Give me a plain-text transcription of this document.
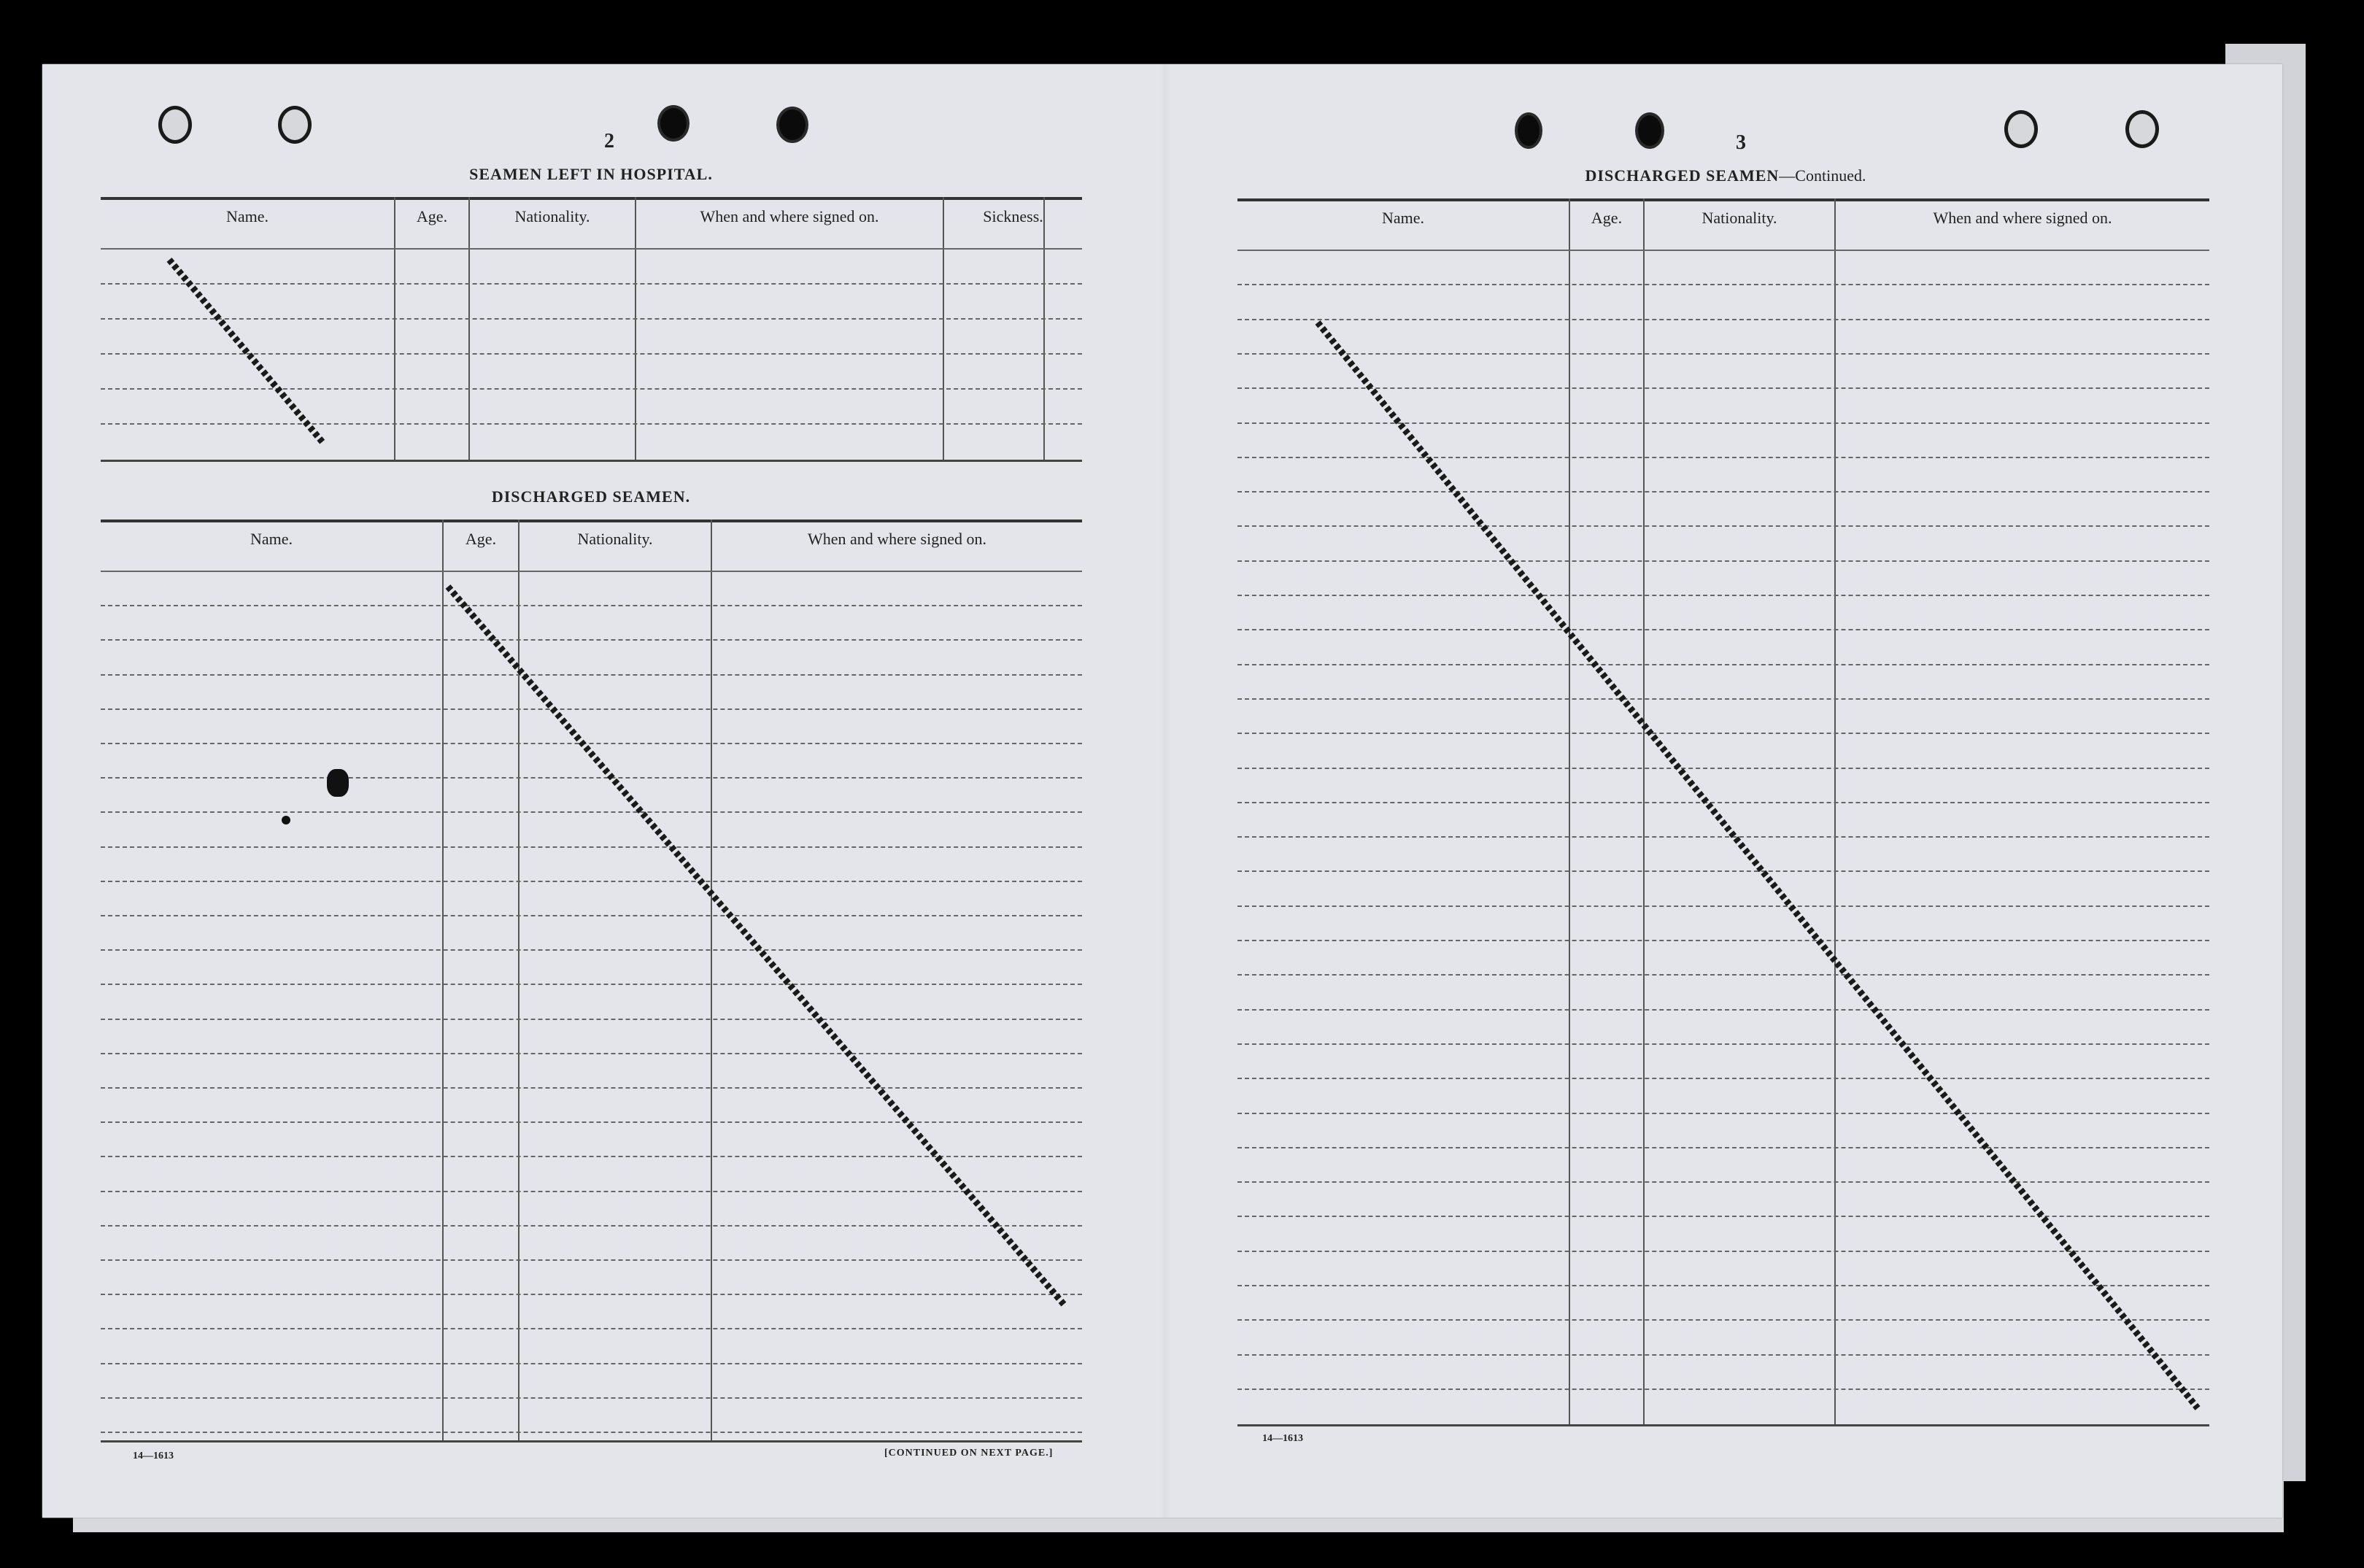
2
SEAMEN LEFT IN HOSPITAL.
Name.	Age.	Nationality.	When and where signed on.	Sickness.
DISCHARGED SEAMEN.
Name.	Age.	Nationality.	When and where signed on.
14—1613	[CONTINUED ON NEXT PAGE.]
3
DISCHARGED SEAMEN—Continued.
Name.	Age.	Nationality.	When and where signed on.
14—1613
